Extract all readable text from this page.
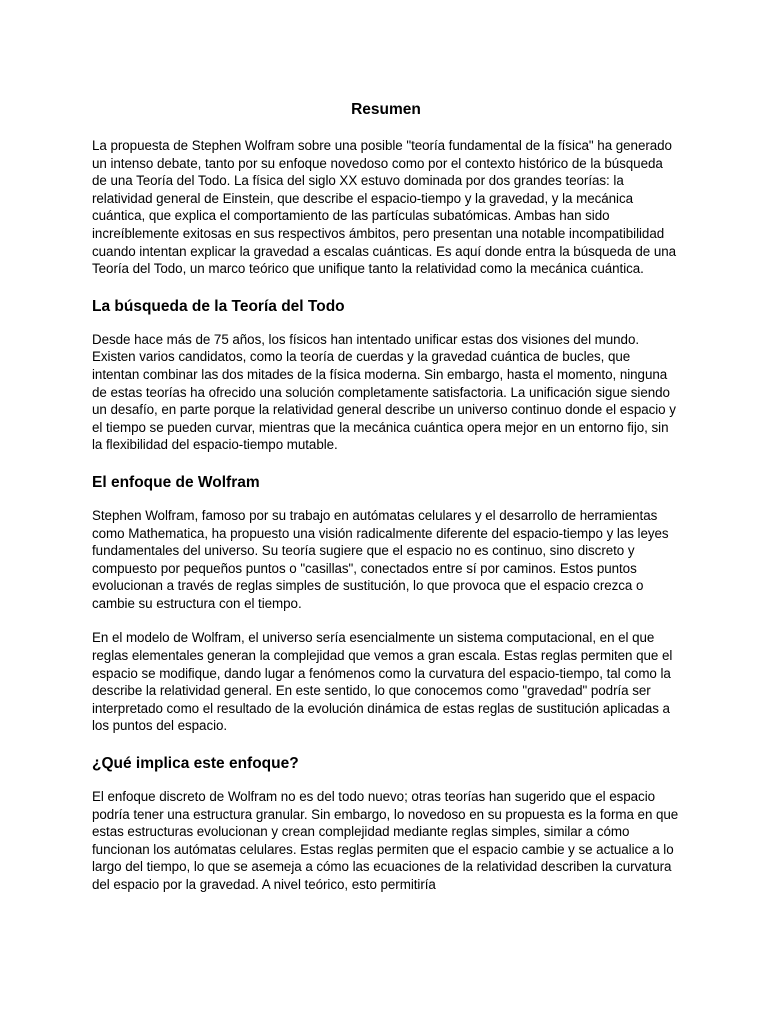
Resumen

La propuesta de Stephen Wolfram sobre una posible "teoría fundamental de la física" ha generado un intenso debate, tanto por su enfoque novedoso como por el contexto histórico de la búsqueda de una Teoría del Todo. La física del siglo XX estuvo dominada por dos grandes teorías: la relatividad general de Einstein, que describe el espacio-tiempo y la gravedad, y la mecánica cuántica, que explica el comportamiento de las partículas subatómicas. Ambas han sido increíblemente exitosas en sus respectivos ámbitos, pero presentan una notable incompatibilidad cuando intentan explicar la gravedad a escalas cuánticas. Es aquí donde entra la búsqueda de una Teoría del Todo, un marco teórico que unifique tanto la relatividad como la mecánica cuántica.

La búsqueda de la Teoría del Todo

Desde hace más de 75 años, los físicos han intentado unificar estas dos visiones del mundo. Existen varios candidatos, como la teoría de cuerdas y la gravedad cuántica de bucles, que intentan combinar las dos mitades de la física moderna. Sin embargo, hasta el momento, ninguna de estas teorías ha ofrecido una solución completamente satisfactoria. La unificación sigue siendo un desafío, en parte porque la relatividad general describe un universo continuo donde el espacio y el tiempo se pueden curvar, mientras que la mecánica cuántica opera mejor en un entorno fijo, sin la flexibilidad del espacio-tiempo mutable.

El enfoque de Wolfram

Stephen Wolfram, famoso por su trabajo en autómatas celulares y el desarrollo de herramientas como Mathematica, ha propuesto una visión radicalmente diferente del espacio-tiempo y las leyes fundamentales del universo. Su teoría sugiere que el espacio no es continuo, sino discreto y compuesto por pequeños puntos o "casillas", conectados entre sí por caminos. Estos puntos evolucionan a través de reglas simples de sustitución, lo que provoca que el espacio crezca o cambie su estructura con el tiempo.

En el modelo de Wolfram, el universo sería esencialmente un sistema computacional, en el que reglas elementales generan la complejidad que vemos a gran escala. Estas reglas permiten que el espacio se modifique, dando lugar a fenómenos como la curvatura del espacio-tiempo, tal como la describe la relatividad general. En este sentido, lo que conocemos como "gravedad" podría ser interpretado como el resultado de la evolución dinámica de estas reglas de sustitución aplicadas a los puntos del espacio.

¿Qué implica este enfoque?

El enfoque discreto de Wolfram no es del todo nuevo; otras teorías han sugerido que el espacio podría tener una estructura granular. Sin embargo, lo novedoso en su propuesta es la forma en que estas estructuras evolucionan y crean complejidad mediante reglas simples, similar a cómo funcionan los autómatas celulares. Estas reglas permiten que el espacio cambie y se actualice a lo largo del tiempo, lo que se asemeja a cómo las ecuaciones de la relatividad describen la curvatura del espacio por la gravedad. A nivel teórico, esto permitiría
